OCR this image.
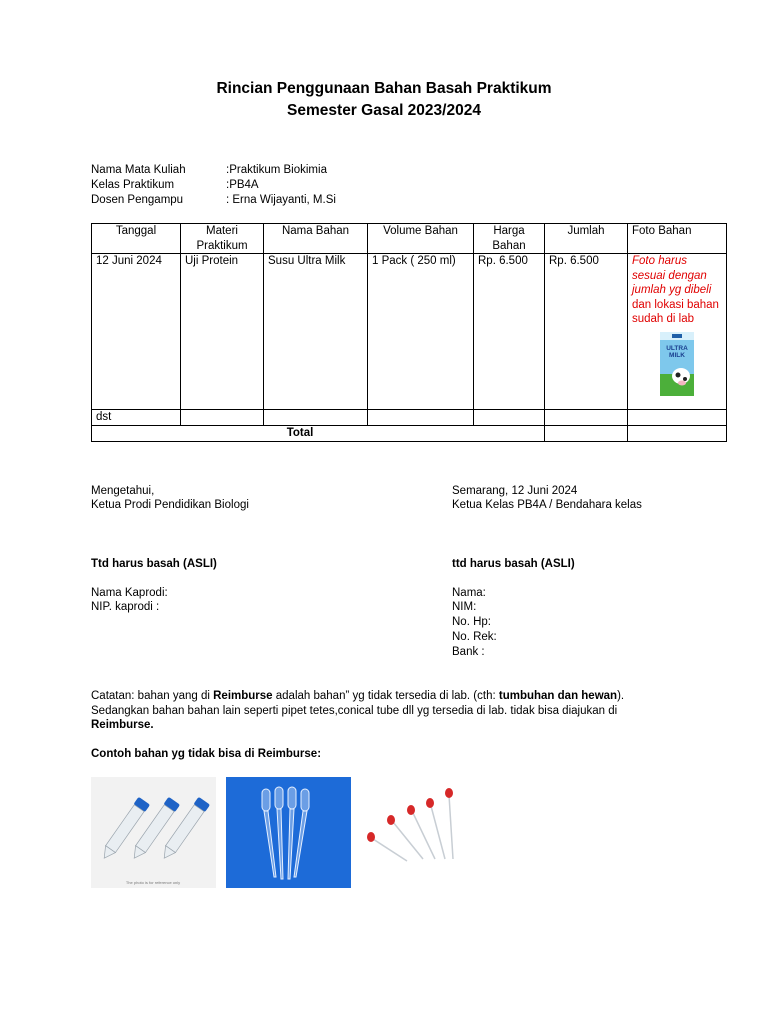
Rincian Penggunaan Bahan Basah Praktikum
Semester Gasal 2023/2024
Nama Mata Kuliah	:Praktikum Biokimia
Kelas Praktikum	:PB4A
Dosen Pengampu	: Erna Wijayanti, M.Si
Tanggal	Materi Praktikum	Nama Bahan	Volume Bahan	Harga Bahan	Jumlah	Foto Bahan
12 Juni 2024	Uji Protein	Susu Ultra Milk	1 Pack ( 250 ml)	Rp. 6.500	Rp. 6.500	Foto harus sesuai dengan jumlah yg dibeli dan lokasi bahan sudah di lab
ULTRA
MILK

dst						
Total						
Mengetahui,
Ketua Prodi Pendidikan Biologi
Ttd harus basah (ASLI)
Nama Kaprodi:
NIP. kaprodi :
Semarang, 12 Juni 2024
Ketua Kelas PB4A / Bendahara kelas
ttd harus basah (ASLI)
Nama:
NIM:
No. Hp:
No. Rek:
Bank :
Catatan: bahan yang di Reimburse adalah bahan” yg tidak tersedia di lab. (cth: tumbuhan dan hewan).
Sedangkan bahan bahan lain seperti pipet tetes,conical tube dll yg tersedia di lab. tidak bisa diajukan di
Reimburse.
Contoh bahan yg tidak bisa di Reimburse:
The photo is for reference only
